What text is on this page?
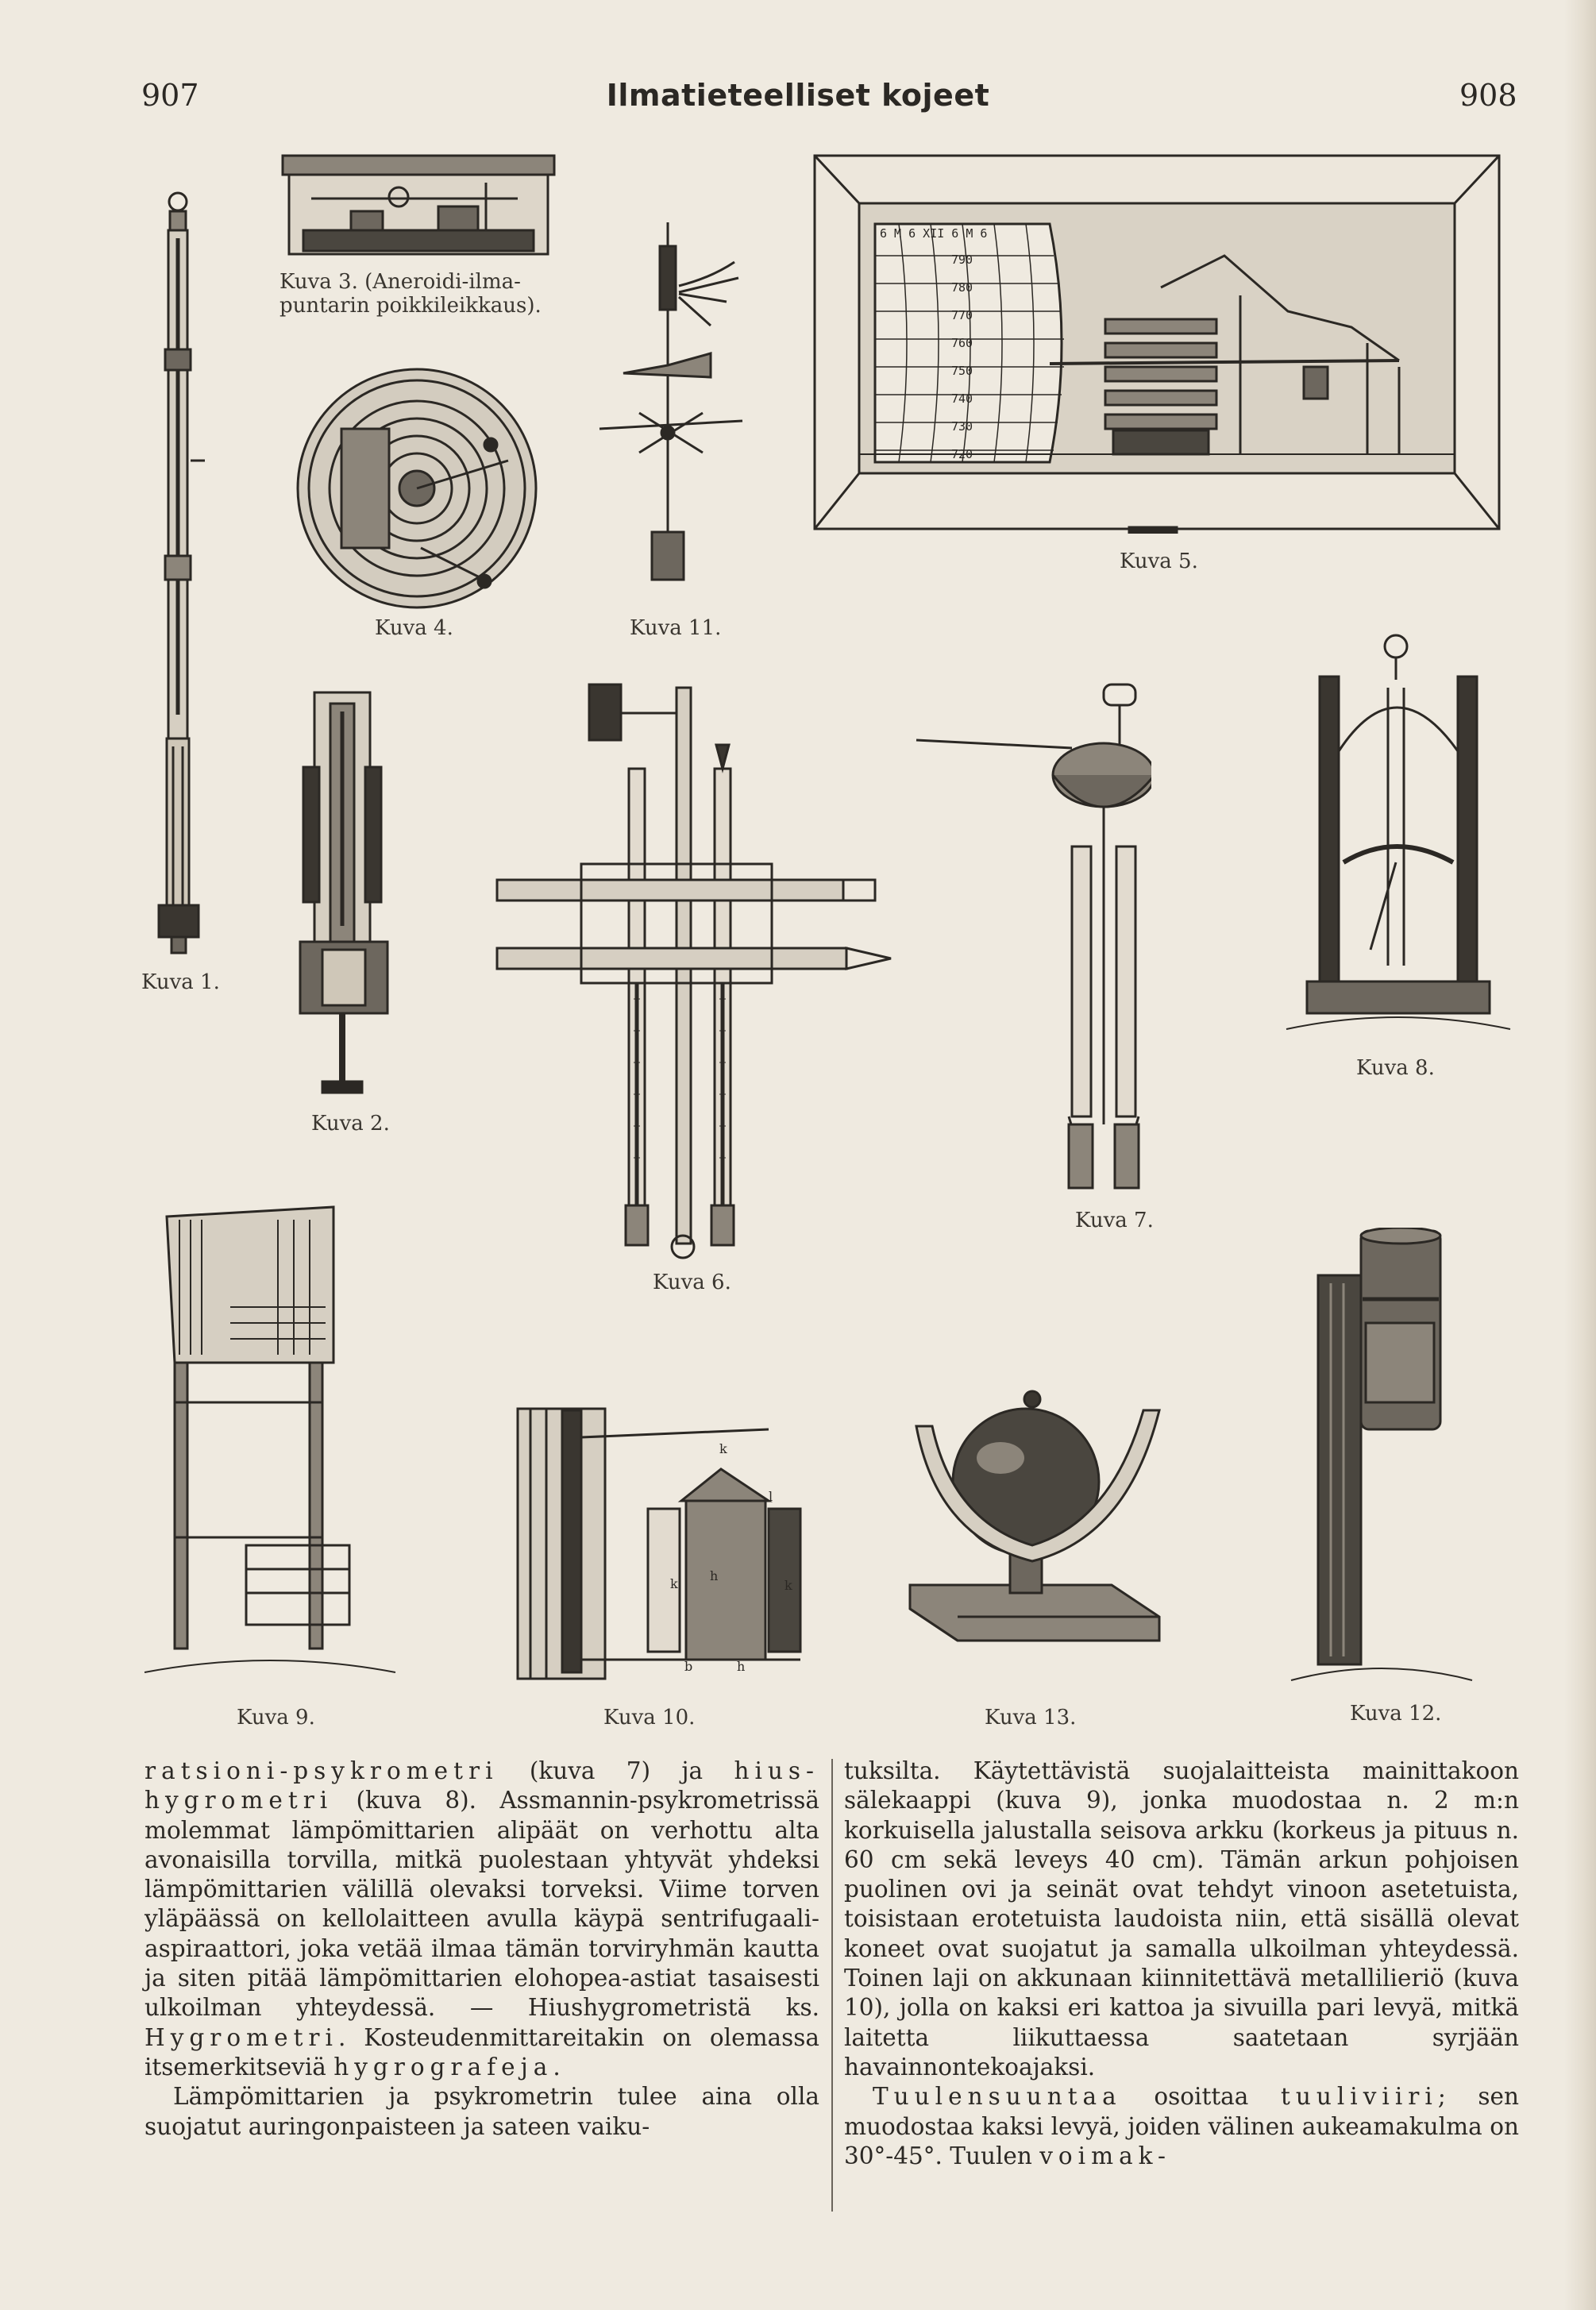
907	Ilmatieteelliset kojeet	908
Kuva 1.
Kuva 3. (Aneroidi-ilma-puntarin poikkileikkaus).
Kuva 4.	Kuva 11.
6 M 6 XII 6 M 6
790
780
770
760
750
740
730
720
Kuva 5.
Kuva 2.
Kuva 6.
Kuva 7.
Kuva 8.
Kuva 9.
k
l
k
h
k
b	h
Kuva 10.	Kuva 13.	Kuva 12.

ratsioni-psykrometri (kuva 7) ja hius-hygrometri (kuva 8). Assmannin-psykrometrissä molemmat lämpömittarien alipäät on verhottu alta avonaisilla torvilla, mitkä puolestaan yhtyvät yhdeksi lämpömittarien välillä olevaksi torveksi. Viime torven yläpäässä on kellolaitteen avulla käypä sentrifugaali-aspiraattori, joka vetää ilmaa tämän torviryhmän kautta ja siten pitää lämpömittarien elohopea-astiat tasaisesti ulkoilman yhteydessä. — Hiushygrometristä ks. Hygrometri. Kosteudenmittareitakin on olemassa itsemerkitseviä hygrografeja.

Lämpömittarien ja psykrometrin tulee aina olla suojatut auringonpaisteen ja sateen vaiku-

tuksilta. Käytettävistä suojalaitteista mainittakoon sälekaappi (kuva 9), jonka muodostaa n. 2 m:n korkuisella jalustalla seisova arkku (korkeus ja pituus n. 60 cm sekä leveys 40 cm). Tämän arkun pohjoisen puolinen ovi ja seinät ovat tehdyt vinoon asetetuista, toisistaan erotetuista laudoista niin, että sisällä olevat koneet ovat suojatut ja samalla ulkoilman yhteydessä. Toinen laji on akkunaan kiinnitettävä metallilieriö (kuva 10), jolla on kaksi eri kattoa ja sivuilla pari levyä, mitkä laitetta liikuttaessa saatetaan syrjään havainnontekoajaksi.

Tuulensuuntaa osoittaa tuuliviiri; sen muodostaa kaksi levyä, joiden välinen aukeamakulma on 30°-45°. Tuulen voimak-
